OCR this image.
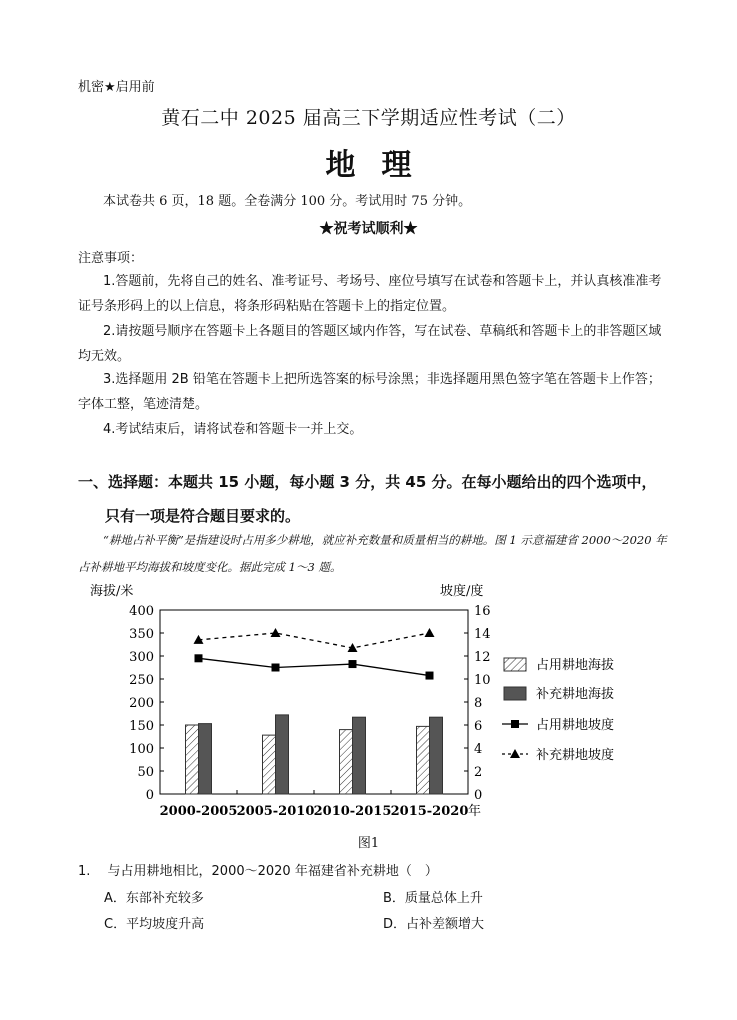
机密★启用前
黄石二中 2025 届高三下学期适应性考试（二）
地理
本试卷共 6 页，18 题。全卷满分 100 分。考试用时 75 分钟。
★祝考试顺利★
注意事项：
1.答题前，先将自己的姓名、准考证号、考场号、座位号填写在试卷和答题卡上，并认真核准准考证号条形码上的以上信息，将条形码粘贴在答题卡上的指定位置。
2.请按题号顺序在答题卡上各题目的答题区域内作答，写在试卷、草稿纸和答题卡上的非答题区域均无效。
3.选择题用 2B 铅笔在答题卡上把所选答案的标号涂黑；非选择题用黑色签字笔在答题卡上作答；字体工整，笔迹清楚。
4.考试结束后，请将试卷和答题卡一并上交。
一、选择题：本题共 15 小题，每小题 3 分，共 45 分。在每小题给出的四个选项中，
只有一项是符合题目要求的。
“耕地占补平衡”是指建设时占用多少耕地，就应补充数量和质量相当的耕地。图 1 示意福建省 2000～2020 年占补耕地平均海拔和坡度变化。据此完成 1～3 题。
海拔/米	坡度/度
0
50
100
150
200
250
300
350
400
0
2
4
6
8
10
12
14
16
2000-2005 2005-2010 2010-2015 2015-2020 年
占用耕地海拔
补充耕地海拔
占用耕地坡度
补充耕地坡度
图1
1.　 与占用耕地相比，2000～2020 年福建省补充耕地（　）
A．东部补充较多	B．质量总体上升
C．平均坡度升高	D．占补差额增大
